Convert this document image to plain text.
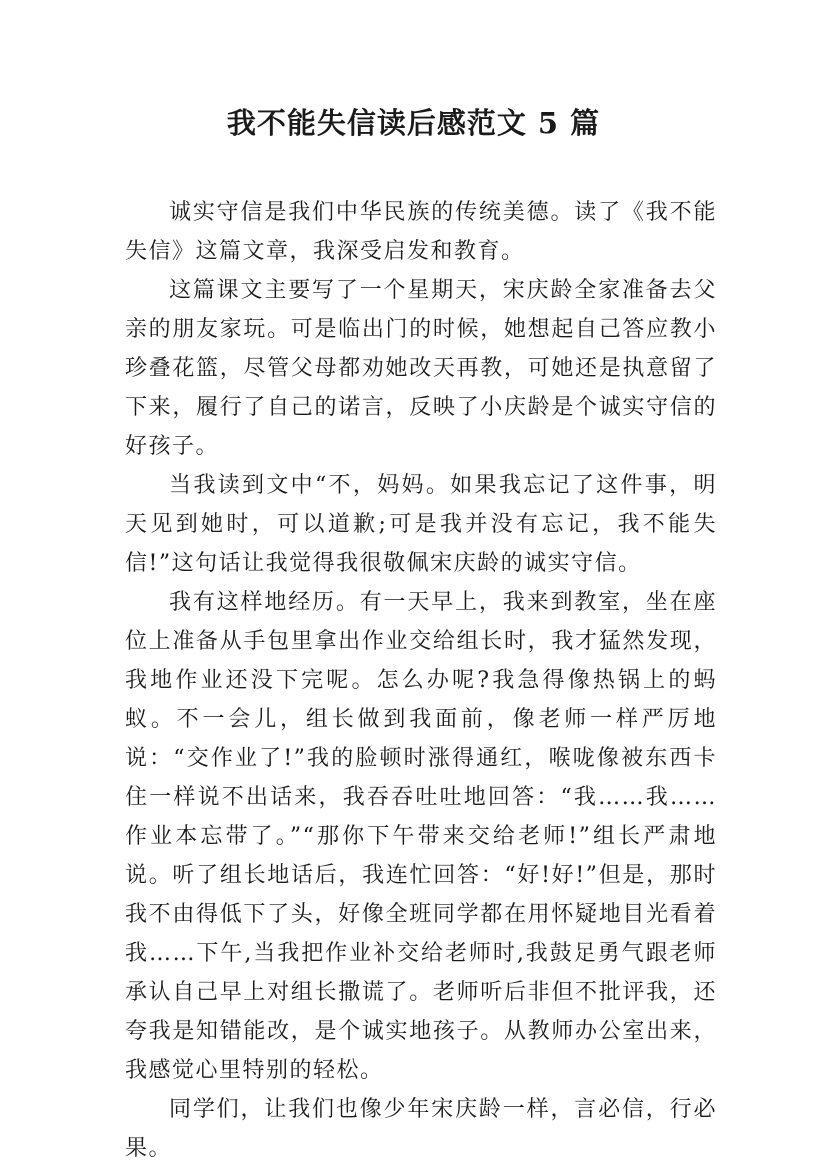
我不能失信读后感范文 5 篇

诚实守信是我们中华民族的传统美德。读了《我不能失信》这篇文章，我深受启发和教育。

这篇课文主要写了一个星期天，宋庆龄全家准备去父亲的朋友家玩。可是临出门的时候，她想起自己答应教小珍叠花篮，尽管父母都劝她改天再教，可她还是执意留了下来，履行了自己的诺言，反映了小庆龄是个诚实守信的好孩子。

当我读到文中“不，妈妈。如果我忘记了这件事，明天见到她时，可以道歉;可是我并没有忘记，我不能失信!”这句话让我觉得我很敬佩宋庆龄的诚实守信。

我有这样地经历。有一天早上，我来到教室，坐在座位上准备从手包里拿出作业交给组长时，我才猛然发现，我地作业还没下完呢。怎么办呢?我急得像热锅上的蚂蚁。不一会儿，组长做到我面前，像老师一样严厉地说：“交作业了!”我的脸顿时涨得通红，喉咙像被东西卡住一样说不出话来，我吞吞吐吐地回答：“我……我……作业本忘带了。”“那你下午带来交给老师!”组长严肃地说。听了组长地话后，我连忙回答：“好!好!”但是，那时我不由得低下了头，好像全班同学都在用怀疑地目光看着我……下午,当我把作业补交给老师时,我鼓足勇气跟老师承认自己早上对组长撒谎了。老师听后非但不批评我，还夸我是知错能改，是个诚实地孩子。从教师办公室出来，我感觉心里特别的轻松。

同学们，让我们也像少年宋庆龄一样，言必信，行必果。
